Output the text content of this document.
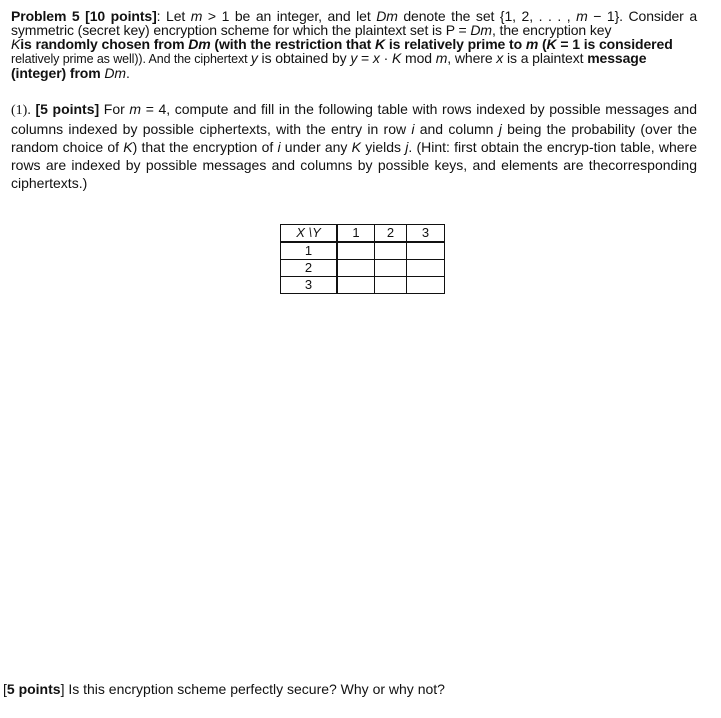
Problem 5 [10 points]: Let m > 1 be an integer, and let Dm denote the set {1, 2, . . . , m − 1}. Consider a symmetric (secret key) encryption scheme for which the plaintext set is P = Dm, the encryption key
Kis randomly chosen from Dm (with the restriction that K is relatively prime to m (K = 1 is considered
relatively prime as well)). And the ciphertext y is obtained by y = x · K mod m, where x is a plaintext message
(integer) from Dm.
(1). [5 points] For m = 4, compute and fill in the following table with rows indexed by possible messages and columns indexed by possible ciphertexts, with the entry in row i and column j being the probability (over the random choice of K) that the encryption of i under any K yields j. (Hint: first obtain the encryp-tion table, where rows are indexed by possible messages and columns by possible keys, and elements are thecorresponding ciphertexts.)
X \Y	1	2	3
1			
2			
3			
[5 points] Is this encryption scheme perfectly secure? Why or why not?
